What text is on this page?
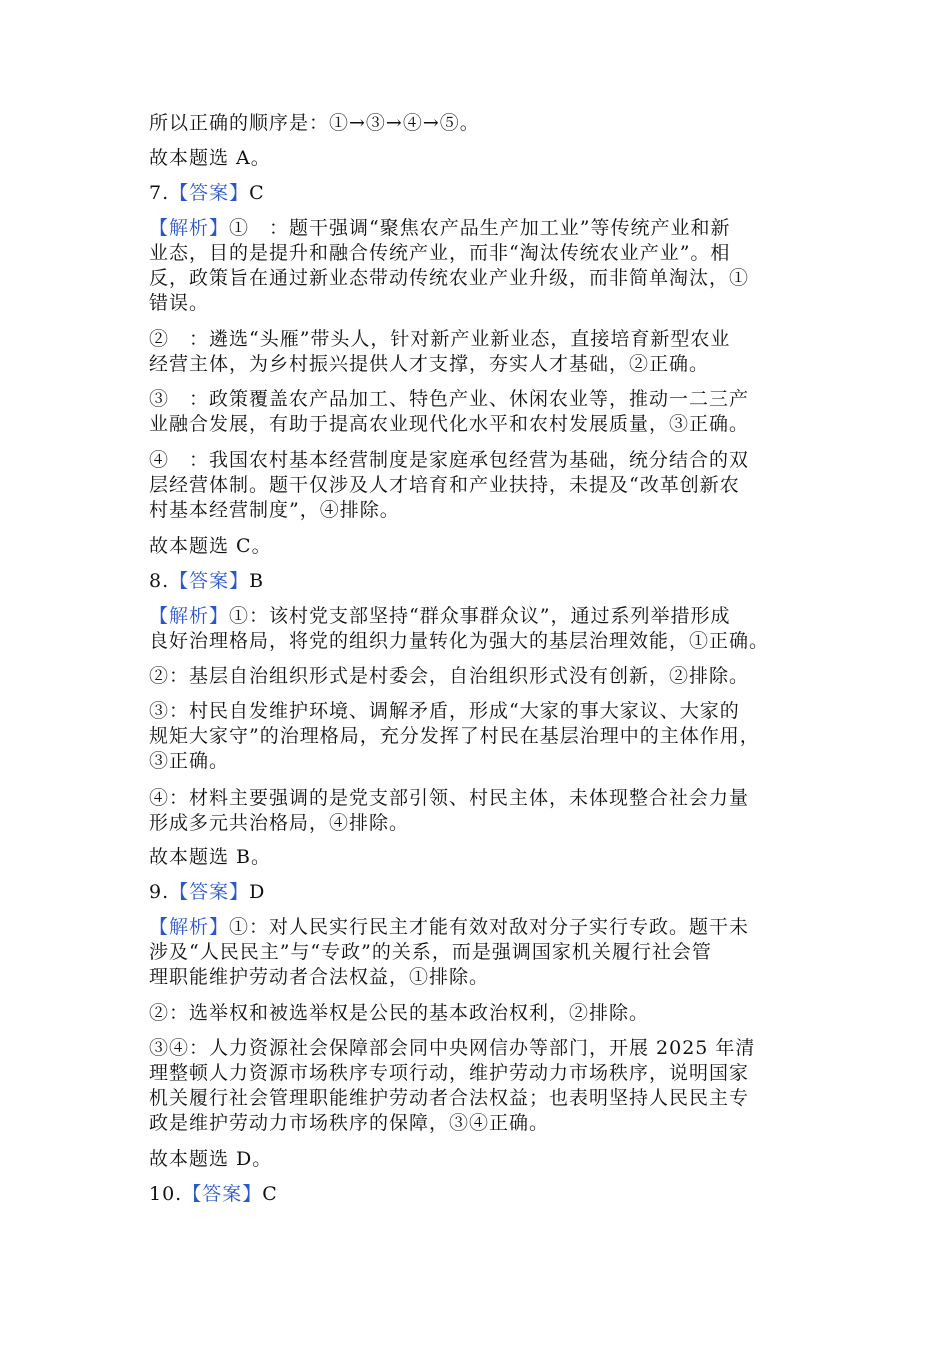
所以正确的顺序是：①→③→④→⑤。
故本题选 A。
7.【答案】C
【解析】①　：题干强调“聚焦农产品生产加工业”等传统产业和新
业态，目的是提升和融合传统产业，而非“淘汰传统农业产业”。相
反，政策旨在通过新业态带动传统农业产业升级，而非简单淘汰，①
错误。
②　：遴选“头雁”带头人，针对新产业新业态，直接培育新型农业
经营主体，为乡村振兴提供人才支撑，夯实人才基础，②正确。
③　：政策覆盖农产品加工、特色产业、休闲农业等，推动一二三产
业融合发展，有助于提高农业现代化水平和农村发展质量，③正确。
④　：我国农村基本经营制度是家庭承包经营为基础，统分结合的双
层经营体制。题干仅涉及人才培育和产业扶持，未提及“改革创新农
村基本经营制度”，④排除。
故本题选 C。
8.【答案】B
【解析】①：该村党支部坚持“群众事群众议”，通过系列举措形成
良好治理格局，将党的组织力量转化为强大的基层治理效能，①正确。
②：基层自治组织形式是村委会，自治组织形式没有创新，②排除。
③：村民自发维护环境、调解矛盾，形成“大家的事大家议、大家的
规矩大家守”的治理格局，充分发挥了村民在基层治理中的主体作用，
③正确。
④：材料主要强调的是党支部引领、村民主体，未体现整合社会力量
形成多元共治格局，④排除。
故本题选 B。
9.【答案】D
【解析】①：对人民实行民主才能有效对敌对分子实行专政。题干未
涉及“人民民主”与“专政”的关系，而是强调国家机关履行社会管
理职能维护劳动者合法权益，①排除。
②：选举权和被选举权是公民的基本政治权利，②排除。
③④：人力资源社会保障部会同中央网信办等部门，开展 2025 年清
理整顿人力资源市场秩序专项行动，维护劳动力市场秩序，说明国家
机关履行社会管理职能维护劳动者合法权益；也表明坚持人民民主专
政是维护劳动力市场秩序的保障，③④正确。
故本题选 D。
10.【答案】C
